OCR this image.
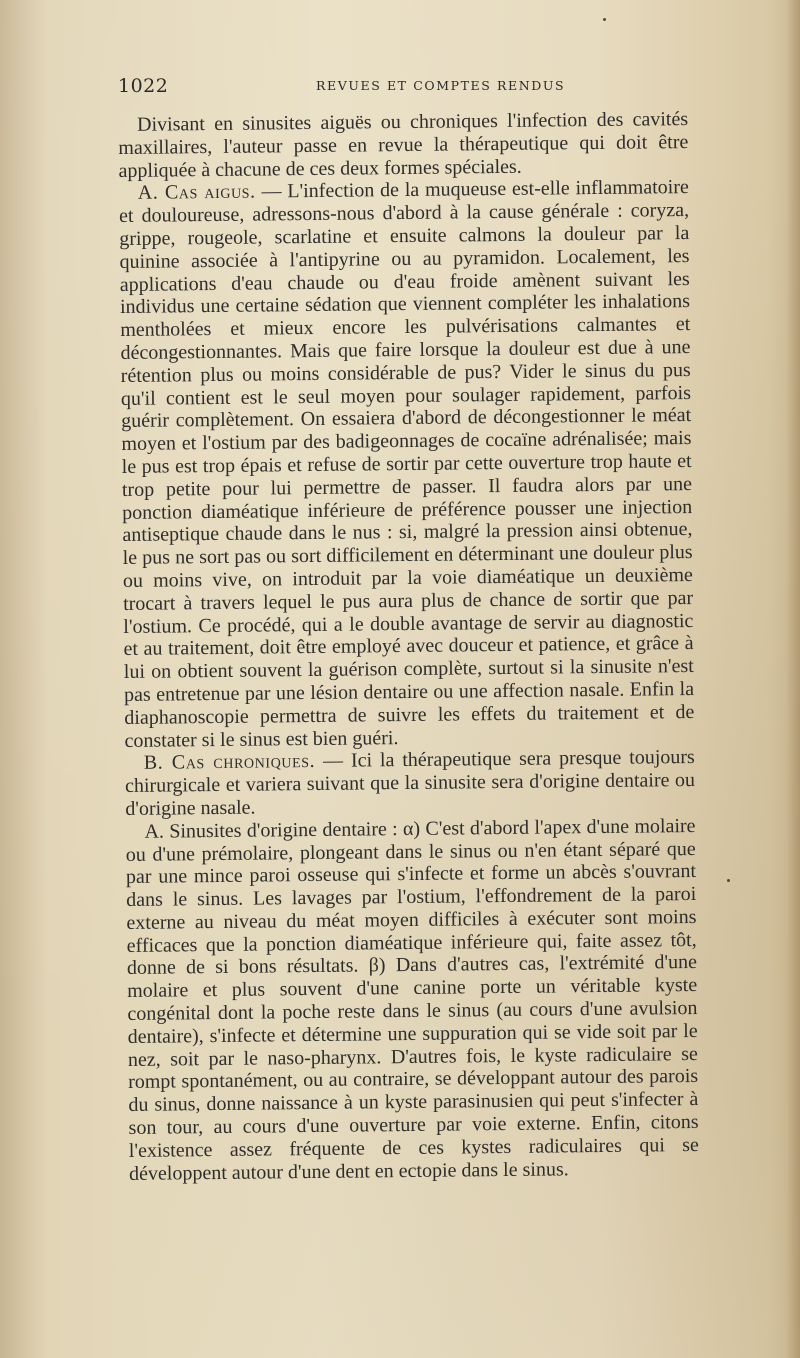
1022	REVUES ET COMPTES RENDUS

Divisant en sinusites aiguës ou chroniques l'infection des cavités maxillaires, l'auteur passe en revue la thérapeutique qui doit être appliquée à chacune de ces deux formes spéciales.

A. Cas aigus. — L'infection de la muqueuse est-elle inflammatoire et douloureuse, adressons-nous d'abord à la cause générale : coryza, grippe, rougeole, scarlatine et ensuite calmons la douleur par la quinine associée à l'antipyrine ou au pyramidon. Localement, les applications d'eau chaude ou d'eau froide amènent suivant les individus une certaine sédation que viennent compléter les inhalations mentholées et mieux encore les pulvérisations calmantes et décongestionnantes. Mais que faire lorsque la douleur est due à une rétention plus ou moins considérable de pus? Vider le sinus du pus qu'il contient est le seul moyen pour soulager rapidement, parfois guérir complètement. On essaiera d'abord de décongestionner le méat moyen et l'ostium par des badigeonnages de cocaïne adrénalisée; mais le pus est trop épais et refuse de sortir par cette ouverture trop haute et trop petite pour lui permettre de passer. Il faudra alors par une ponction diaméatique inférieure de préférence pousser une injection antiseptique chaude dans le nus : si, malgré la pression ainsi obtenue, le pus ne sort pas ou sort difficilement en déterminant une douleur plus ou moins vive, on introduit par la voie diaméatique un deuxième trocart à travers lequel le pus aura plus de chance de sortir que par l'ostium. Ce procédé, qui a le double avantage de servir au diagnostic et au traitement, doit être employé avec douceur et patience, et grâce à lui on obtient souvent la guérison complète, surtout si la sinusite n'est pas entretenue par une lésion dentaire ou une affection nasale. Enfin la diaphanoscopie permettra de suivre les effets du traitement et de constater si le sinus est bien guéri.

B. Cas chroniques. — Ici la thérapeutique sera presque toujours chirurgicale et variera suivant que la sinusite sera d'origine dentaire ou d'origine nasale.

A. Sinusites d'origine dentaire : α) C'est d'abord l'apex d'une molaire ou d'une prémolaire, plongeant dans le sinus ou n'en étant séparé que par une mince paroi osseuse qui s'infecte et forme un abcès s'ouvrant dans le sinus. Les lavages par l'ostium, l'effondrement de la paroi externe au niveau du méat moyen difficiles à exécuter sont moins efficaces que la ponction diaméatique inférieure qui, faite assez tôt, donne de si bons résultats. β) Dans d'autres cas, l'extrémité d'une molaire et plus souvent d'une canine porte un véritable kyste congénital dont la poche reste dans le sinus (au cours d'une avulsion dentaire), s'infecte et détermine une suppuration qui se vide soit par le nez, soit par le naso-pharynx. D'autres fois, le kyste radiculaire se rompt spontanément, ou au contraire, se développant autour des parois du sinus, donne naissance à un kyste parasinusien qui peut s'infecter à son tour, au cours d'une ouverture par voie externe. Enfin, citons l'existence assez fréquente de ces kystes radiculaires qui se développent autour d'une dent en ectopie dans le sinus.
